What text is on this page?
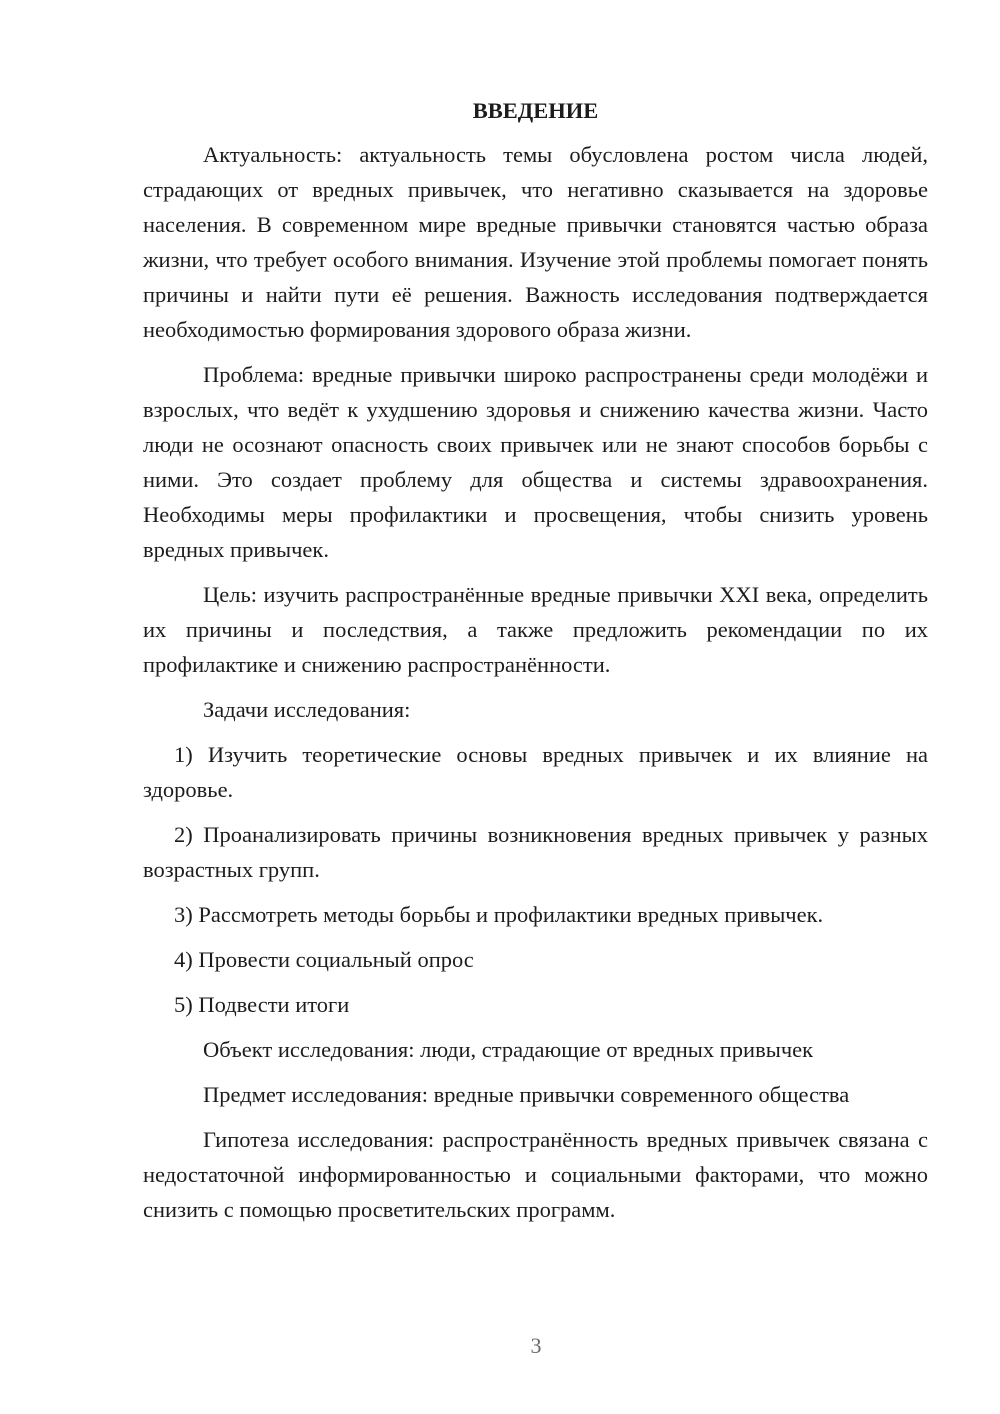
ВВЕДЕНИЕ

Актуальность: актуальность темы обусловлена ростом числа людей, страдающих от вредных привычек, что негативно сказывается на здоровье населения. В современном мире вредные привычки становятся частью образа жизни, что требует особого внимания. Изучение этой проблемы помогает понять причины и найти пути её решения. Важность исследования подтверждается необходимостью формирования здорового образа жизни.

Проблема: вредные привычки широко распространены среди молодёжи и взрослых, что ведёт к ухудшению здоровья и снижению качества жизни. Часто люди не осознают опасность своих привычек или не знают способов борьбы с ними. Это создает проблему для общества и системы здравоохранения. Необходимы меры профилактики и просвещения, чтобы снизить уровень вредных привычек.

Цель: изучить распространённые вредные привычки XXI века, определить их причины и последствия, а также предложить рекомендации по их профилактике и снижению распространённости.

Задачи исследования:

1) Изучить теоретические основы вредных привычек и их влияние на здоровье.

2) Проанализировать причины возникновения вредных привычек у разных возрастных групп.

3) Рассмотреть методы борьбы и профилактики вредных привычек.

4) Провести социальный опрос

5) Подвести итоги

Объект исследования: люди, страдающие от вредных привычек

Предмет исследования: вредные привычки современного общества

Гипотеза исследования: распространённость вредных привычек связана с недостаточной информированностью и социальными факторами, что можно снизить с помощью просветительских программ.

3
